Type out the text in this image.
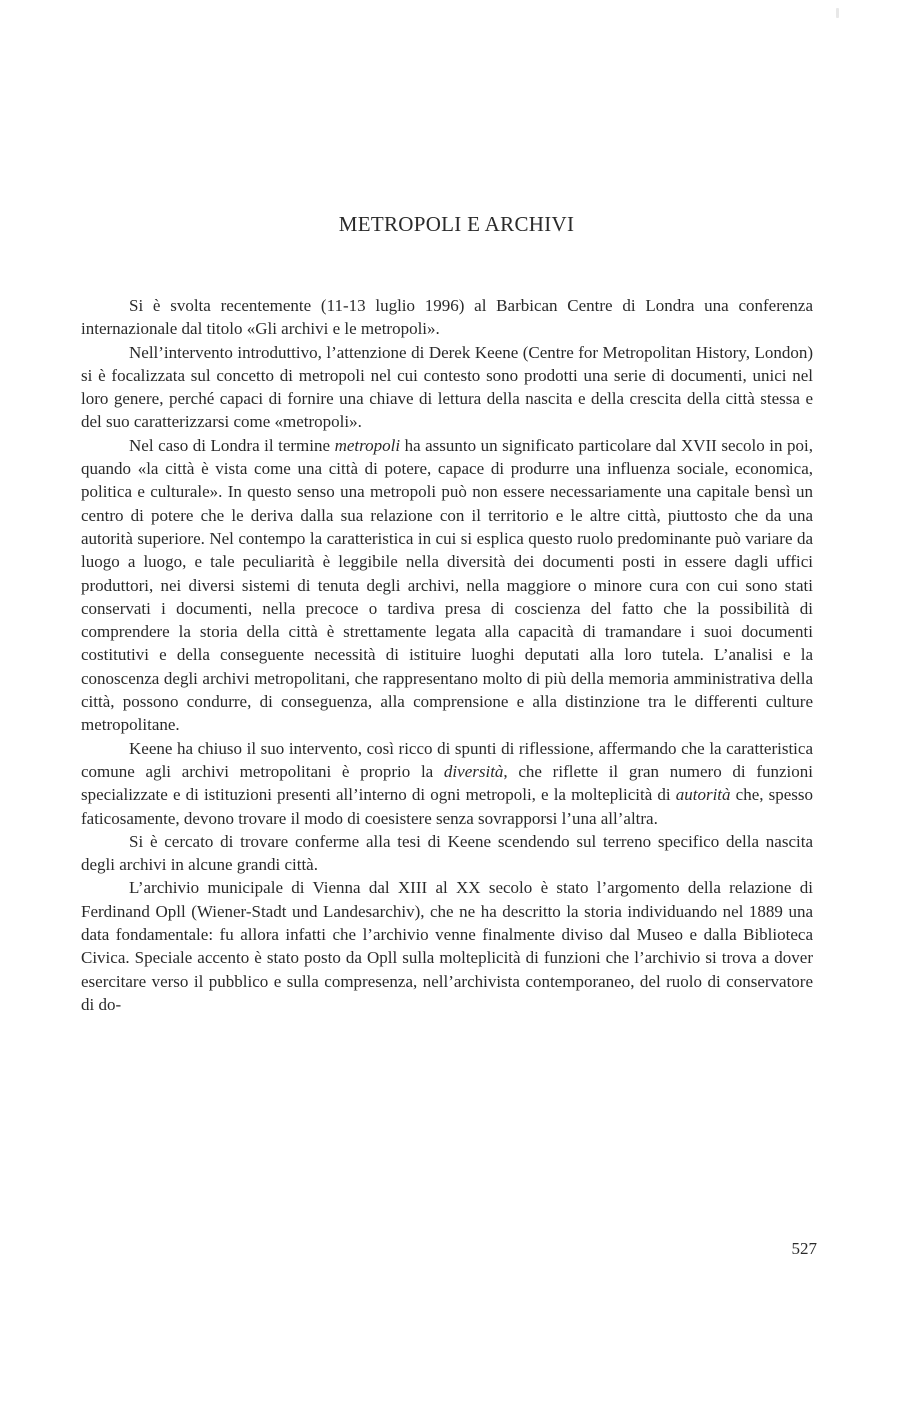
METROPOLI E ARCHIVI

Si è svolta recentemente (11-13 luglio 1996) al Barbican Centre di Londra una conferenza internazionale dal titolo «Gli archivi e le metropoli».

Nell’intervento introduttivo, l’attenzione di Derek Keene (Centre for Metropolitan History, London) si è focalizzata sul concetto di metropoli nel cui contesto sono prodotti una serie di documenti, unici nel loro genere, perché capaci di fornire una chiave di lettura della nascita e della crescita della città stessa e del suo caratterizzarsi come «metropoli».

Nel caso di Londra il termine metropoli ha assunto un significato particolare dal XVII secolo in poi, quando «la città è vista come una città di potere, capace di produrre una influenza sociale, economica, politica e culturale». In questo senso una metropoli può non essere necessariamente una capitale bensì un centro di potere che le deriva dalla sua relazione con il territorio e le altre città, piuttosto che da una autorità superiore. Nel contempo la caratteristica in cui si esplica questo ruolo predominante può variare da luogo a luogo, e tale peculiarità è leggibile nella diversità dei documenti posti in essere dagli uffici produttori, nei diversi sistemi di tenuta degli archivi, nella maggiore o minore cura con cui sono stati conservati i documenti, nella precoce o tardiva presa di coscienza del fatto che la possibilità di comprendere la storia della città è strettamente legata alla capacità di tramandare i suoi documenti costitutivi e della conseguente necessità di istituire luoghi deputati alla loro tutela. L’analisi e la conoscenza degli archivi metropolitani, che rappresentano molto di più della memoria amministrativa della città, possono condurre, di conseguenza, alla comprensione e alla distinzione tra le differenti culture metropolitane.

Keene ha chiuso il suo intervento, così ricco di spunti di riflessione, affermando che la caratteristica comune agli archivi metropolitani è proprio la diversità, che riflette il gran numero di funzioni specializzate e di istituzioni presenti all’interno di ogni metropoli, e la molteplicità di autorità che, spesso faticosamente, devono trovare il modo di coesistere senza sovrapporsi l’una all’altra.

Si è cercato di trovare conferme alla tesi di Keene scendendo sul terreno specifico della nascita degli archivi in alcune grandi città.

L’archivio municipale di Vienna dal XIII al XX secolo è stato l’argomento della relazione di Ferdinand Opll (Wiener-Stadt und Landesarchiv), che ne ha descritto la storia individuando nel 1889 una data fondamentale: fu allora infatti che l’archivio venne finalmente diviso dal Museo e dalla Biblioteca Civica. Speciale accento è stato posto da Opll sulla molteplicità di funzioni che l’archivio si trova a dover esercitare verso il pubblico e sulla compresenza, nell’archivista contemporaneo, del ruolo di conservatore di do-

527
